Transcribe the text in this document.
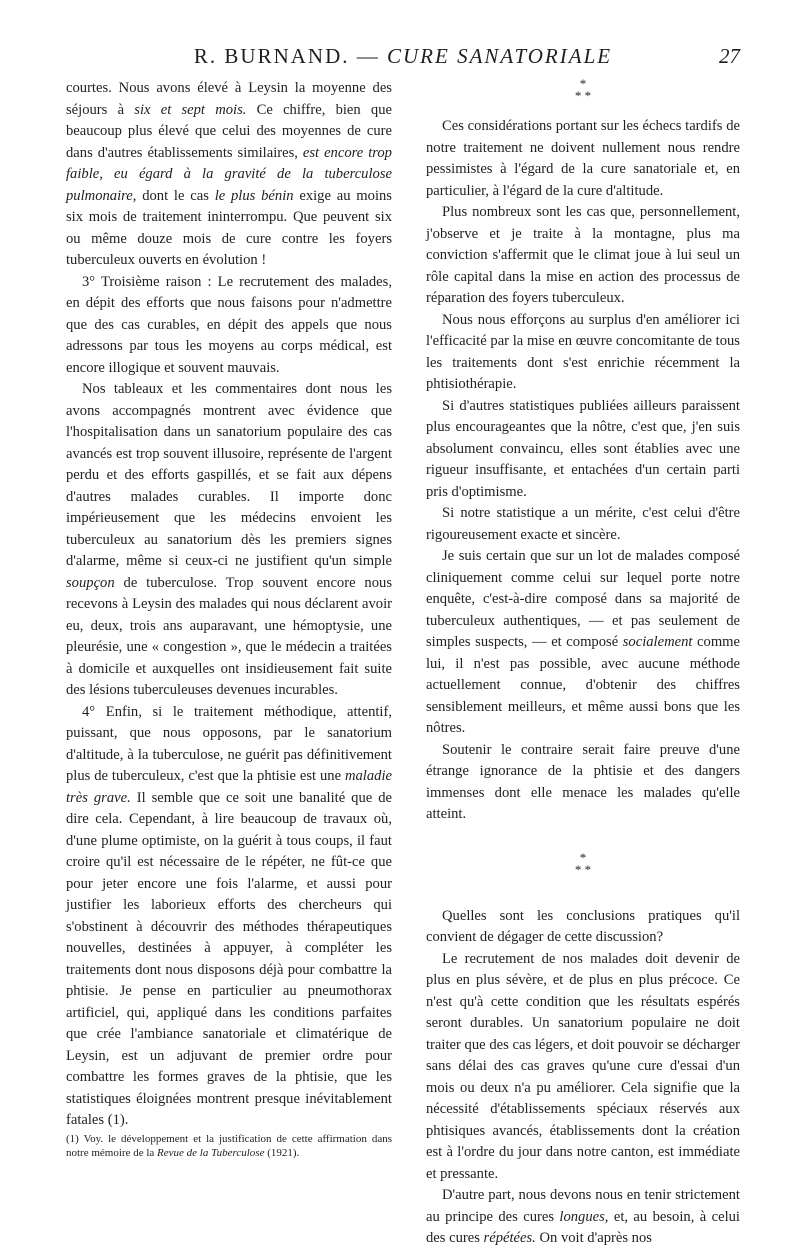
R. BURNAND. — CURE SANATORIALE	27

courtes. Nous avons élevé à Leysin la moyenne des séjours à six et sept mois. Ce chiffre, bien que beaucoup plus élevé que celui des moyennes de cure dans d'autres établissements similaires, est encore trop faible, eu égard à la gravité de la tuberculose pulmonaire, dont le cas le plus bénin exige au moins six mois de traitement ininterrompu. Que peuvent six ou même douze mois de cure contre les foyers tuberculeux ouverts en évolution !

3° Troisième raison : Le recrutement des malades, en dépit des efforts que nous faisons pour n'admettre que des cas curables, en dépit des appels que nous adressons par tous les moyens au corps médical, est encore illogique et souvent mauvais.

Nos tableaux et les commentaires dont nous les avons accompagnés montrent avec évidence que l'hospitalisation dans un sanatorium populaire des cas avancés est trop souvent illusoire, représente de l'argent perdu et des efforts gaspillés, et se fait aux dépens d'autres malades curables. Il importe donc impérieusement que les médecins envoient les tuberculeux au sanatorium dès les premiers signes d'alarme, même si ceux-ci ne justifient qu'un simple soupçon de tuberculose. Trop souvent encore nous recevons à Leysin des malades qui nous déclarent avoir eu, deux, trois ans auparavant, une hémoptysie, une pleurésie, une « congestion », que le médecin a traitées à domicile et auxquelles ont insidieusement fait suite des lésions tuberculeuses devenues incurables.

4° Enfin, si le traitement méthodique, attentif, puissant, que nous opposons, par le sanatorium d'altitude, à la tuberculose, ne guérit pas définitivement plus de tuberculeux, c'est que la phtisie est une maladie très grave. Il semble que ce soit une banalité que de dire cela. Cependant, à lire beaucoup de travaux où, d'une plume optimiste, on la guérit à tous coups, il faut croire qu'il est nécessaire de le répéter, ne fût-ce que pour jeter encore une fois l'alarme, et aussi pour justifier les laborieux efforts des chercheurs qui s'obstinent à découvrir des méthodes thérapeutiques nouvelles, destinées à appuyer, à compléter les traitements dont nous disposons déjà pour combattre la phtisie. Je pense en particulier au pneumothorax artificiel, qui, appliqué dans les conditions parfaites que crée l'ambiance sanatoriale et climatérique de Leysin, est un adjuvant de premier ordre pour combattre les formes graves de la phtisie, que les statistiques éloignées montrent presque inévitablement fatales (1).

(1) Voy. le développement et la justification de cette affirmation dans notre mémoire de la Revue de la Tuberculose (1921).

*
* *

Ces considérations portant sur les échecs tardifs de notre traitement ne doivent nullement nous rendre pessimistes à l'égard de la cure sanatoriale et, en particulier, à l'égard de la cure d'altitude.

Plus nombreux sont les cas que, personnellement, j'observe et je traite à la montagne, plus ma conviction s'affermit que le climat joue à lui seul un rôle capital dans la mise en action des processus de réparation des foyers tuberculeux.

Nous nous efforçons au surplus d'en améliorer ici l'efficacité par la mise en œuvre concomitante de tous les traitements dont s'est enrichie récemment la phtisiothérapie.

Si d'autres statistiques publiées ailleurs paraissent plus encourageantes que la nôtre, c'est que, j'en suis absolument convaincu, elles sont établies avec une rigueur insuffisante, et entachées d'un certain parti pris d'optimisme.

Si notre statistique a un mérite, c'est celui d'être rigoureusement exacte et sincère.

Je suis certain que sur un lot de malades composé cliniquement comme celui sur lequel porte notre enquête, c'est-à-dire composé dans sa majorité de tuberculeux authentiques, — et pas seulement de simples suspects, — et composé socialement comme lui, il n'est pas possible, avec aucune méthode actuellement connue, d'obtenir des chiffres sensiblement meilleurs, et même aussi bons que les nôtres.

Soutenir le contraire serait faire preuve d'une étrange ignorance de la phtisie et des dangers immenses dont elle menace les malades qu'elle atteint.

*
* *

Quelles sont les conclusions pratiques qu'il convient de dégager de cette discussion?

Le recrutement de nos malades doit devenir de plus en plus sévère, et de plus en plus précoce. Ce n'est qu'à cette condition que les résultats espérés seront durables. Un sanatorium populaire ne doit traiter que des cas légers, et doit pouvoir se décharger sans délai des cas graves qu'une cure d'essai d'un mois ou deux n'a pu améliorer. Cela signifie que la nécessité d'établissements spéciaux réservés aux phtisiques avancés, établissements dont la création est à l'ordre du jour dans notre canton, est immédiate et pressante.

D'autre part, nous devons nous en tenir strictement au principe des cures longues, et, au besoin, à celui des cures répétées. On voit d'après nos
